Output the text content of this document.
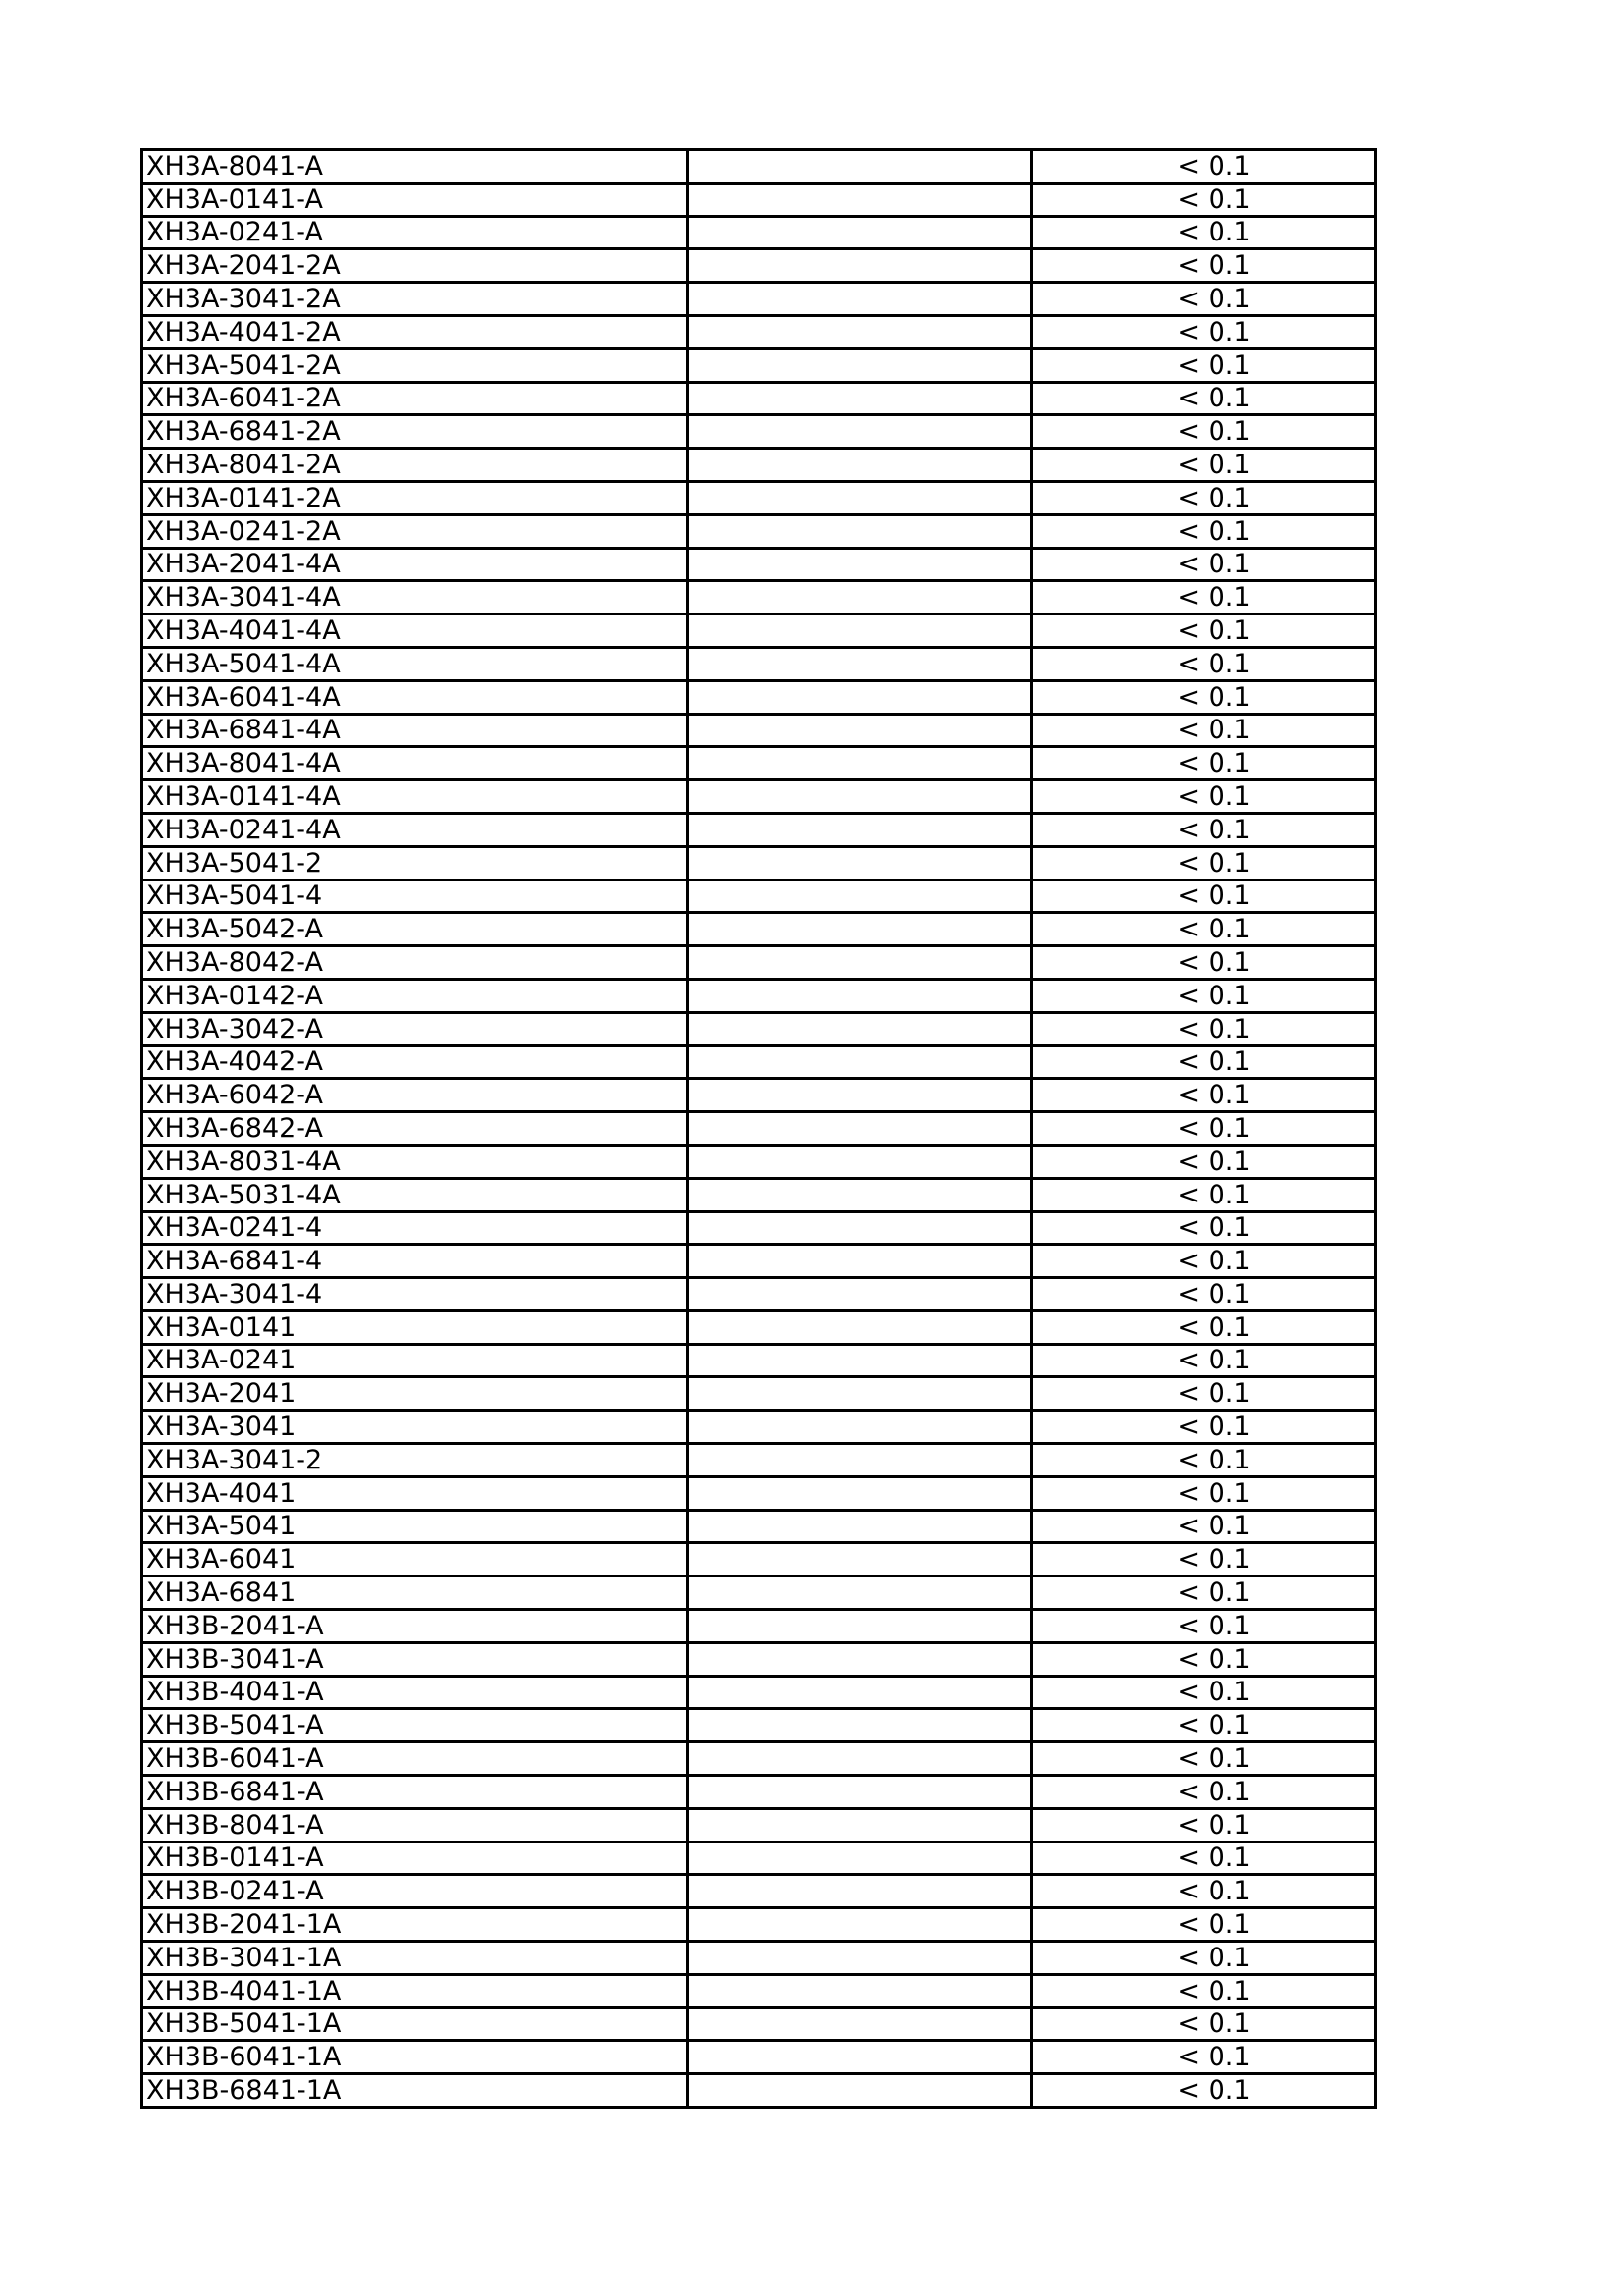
XH3A-8041-A		< 0.1
XH3A-0141-A		< 0.1
XH3A-0241-A		< 0.1
XH3A-2041-2A		< 0.1
XH3A-3041-2A		< 0.1
XH3A-4041-2A		< 0.1
XH3A-5041-2A		< 0.1
XH3A-6041-2A		< 0.1
XH3A-6841-2A		< 0.1
XH3A-8041-2A		< 0.1
XH3A-0141-2A		< 0.1
XH3A-0241-2A		< 0.1
XH3A-2041-4A		< 0.1
XH3A-3041-4A		< 0.1
XH3A-4041-4A		< 0.1
XH3A-5041-4A		< 0.1
XH3A-6041-4A		< 0.1
XH3A-6841-4A		< 0.1
XH3A-8041-4A		< 0.1
XH3A-0141-4A		< 0.1
XH3A-0241-4A		< 0.1
XH3A-5041-2		< 0.1
XH3A-5041-4		< 0.1
XH3A-5042-A		< 0.1
XH3A-8042-A		< 0.1
XH3A-0142-A		< 0.1
XH3A-3042-A		< 0.1
XH3A-4042-A		< 0.1
XH3A-6042-A		< 0.1
XH3A-6842-A		< 0.1
XH3A-8031-4A		< 0.1
XH3A-5031-4A		< 0.1
XH3A-0241-4		< 0.1
XH3A-6841-4		< 0.1
XH3A-3041-4		< 0.1
XH3A-0141		< 0.1
XH3A-0241		< 0.1
XH3A-2041		< 0.1
XH3A-3041		< 0.1
XH3A-3041-2		< 0.1
XH3A-4041		< 0.1
XH3A-5041		< 0.1
XH3A-6041		< 0.1
XH3A-6841		< 0.1
XH3B-2041-A		< 0.1
XH3B-3041-A		< 0.1
XH3B-4041-A		< 0.1
XH3B-5041-A		< 0.1
XH3B-6041-A		< 0.1
XH3B-6841-A		< 0.1
XH3B-8041-A		< 0.1
XH3B-0141-A		< 0.1
XH3B-0241-A		< 0.1
XH3B-2041-1A		< 0.1
XH3B-3041-1A		< 0.1
XH3B-4041-1A		< 0.1
XH3B-5041-1A		< 0.1
XH3B-6041-1A		< 0.1
XH3B-6841-1A		< 0.1
